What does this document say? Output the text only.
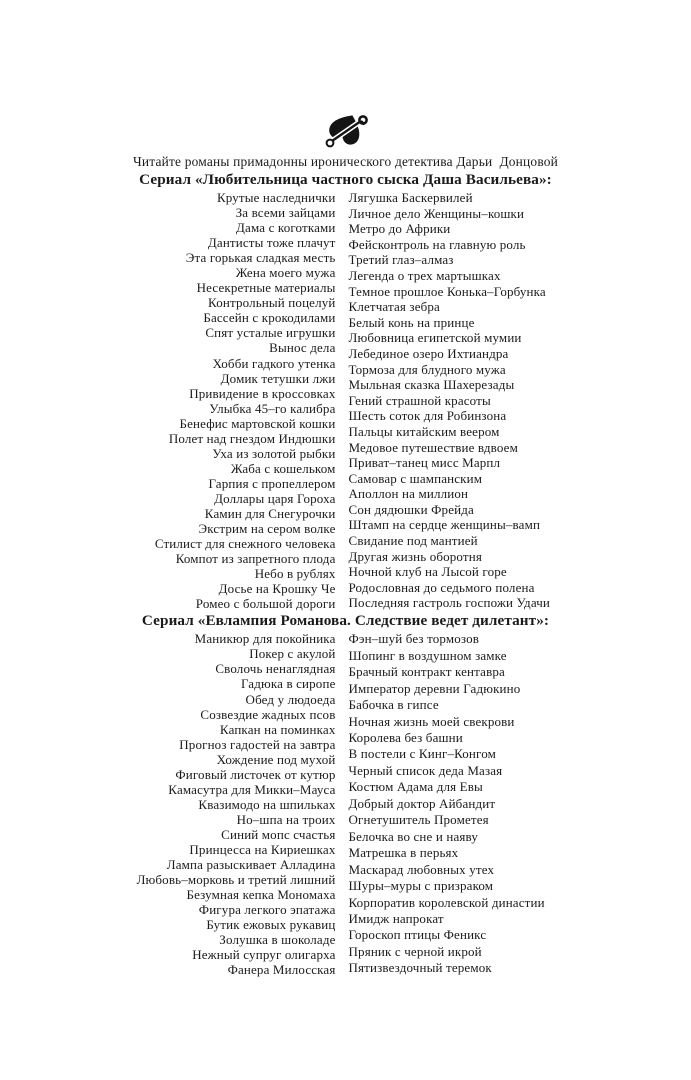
Читайте романы примадонны иронического детектива Дарьи  Донцовой
Сериал «Любительница частного сыска Даша Васильева»:
Крутые наследнички
За всеми зайцами
Дама с коготками
Дантисты тоже плачут
Эта горькая сладкая месть
Жена моего мужа
Несекретные материалы
Контрольный поцелуй
Бассейн с крокодилами
Спят усталые игрушки
Вынос дела
Хобби гадкого утенка
Домик тетушки лжи
Привидение в кроссовках
Улыбка 45–го калибра
Бенефис мартовской кошки
Полет над гнездом Индюшки
Уха из золотой рыбки
Жаба с кошельком
Гарпия с пропеллером
Доллары царя Гороха
Камин для Снегурочки
Экстрим на сером волке
Стилист для снежного человека
Компот из запретного плода
Небо в рублях
Досье на Крошку Че
Ромео с большой дороги
Лягушка Баскервилей
Личное дело Женщины–кошки
Метро до Африки
Фейсконтроль на главную роль
Третий глаз–алмаз
Легенда о трех мартышках
Темное прошлое Конька–Горбунка
Клетчатая зебра
Белый конь на принце
Любовница египетской мумии
Лебединое озеро Ихтиандра
Тормоза для блудного мужа
Мыльная сказка Шахерезады
Гений страшной красоты
Шесть соток для Робинзона
Пальцы китайским веером
Медовое путешествие вдвоем
Приват–танец мисс Марпл
Самовар с шампанским
Аполлон на миллион
Сон дядюшки Фрейда
Штамп на сердце женщины–вамп
Свидание под мантией
Другая жизнь оборотня
Ночной клуб на Лысой горе
Родословная до седьмого полена
Последняя гастроль госпожи Удачи
Сериал «Евлампия Романова. Следствие ведет дилетант»:
Маникюр для покойника
Покер с акулой
Сволочь ненаглядная
Гадюка в сиропе
Обед у людоеда
Созвездие жадных псов
Капкан на поминках
Прогноз гадостей на завтра
Хождение под мухой
Фиговый листочек от кутюр
Камасутра для Микки–Мауса
Квазимодо на шпильках
Но–шпа на троих
Синий мопс счастья
Принцесса на Кириешках
Лампа разыскивает Алладина
Любовь–морковь и третий лишний
Безумная кепка Мономаха
Фигура легкого эпатажа
Бутик ежовых рукавиц
Золушка в шоколаде
Нежный супруг олигарха
Фанера Милосская
Фэн–шуй без тормозов
Шопинг в воздушном замке
Брачный контракт кентавра
Император деревни Гадюкино
Бабочка в гипсе
Ночная жизнь моей свекрови
Королева без башни
В постели с Кинг–Конгом
Черный список деда Мазая
Костюм Адама для Евы
Добрый доктор Айбандит
Огнетушитель Прометея
Белочка во сне и наяву
Матрешка в перьях
Маскарад любовных утех
Шуры–муры с призраком
Корпоратив королевской династии
Имидж напрокат
Гороскоп птицы Феникс
Пряник с черной икрой
Пятизвездочный теремок
